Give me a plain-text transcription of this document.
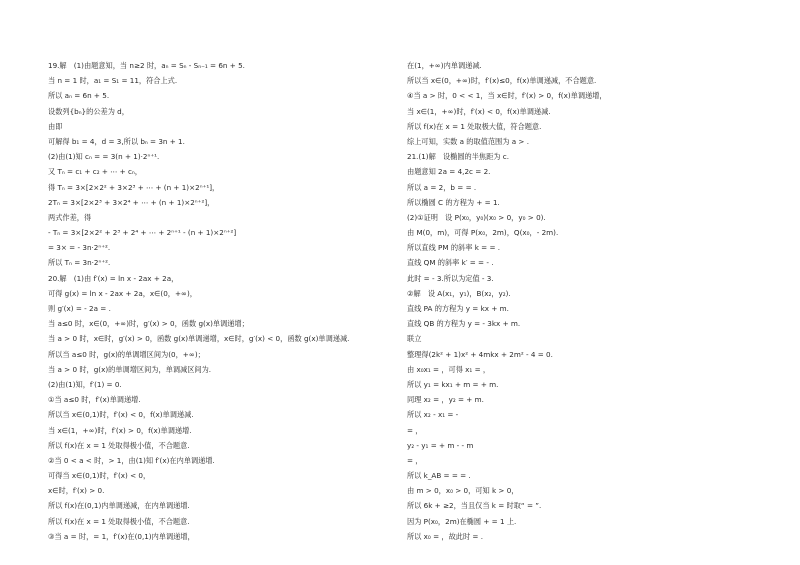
19.解　(1)由题意知，当 n≥2 时，aₙ = Sₙ - Sₙ₋₁ = 6n + 5.
当 n = 1 时，a₁ = S₁ = 11，符合上式.
所以 aₙ = 6n + 5.
设数列{bₙ}的公差为 d，
由即
可解得 b₁ = 4，d = 3,所以 bₙ = 3n + 1.
(2)由(1)知 cₙ = = 3(n + 1)·2ⁿ⁺¹.
又 Tₙ = c₁ + c₂ + ⋯ + cₙ，
得 Tₙ = 3×[2×2² + 3×2³ + ⋯ + (n + 1)×2ⁿ⁺¹]，
2Tₙ = 3×[2×2³ + 3×2⁴ + ⋯ + (n + 1)×2ⁿ⁺²]，
两式作差，得
- Tₙ = 3×[2×2² + 2³ + 2⁴ + ⋯ + 2ⁿ⁺¹ - (n + 1)×2ⁿ⁺²]
= 3× = - 3n·2ⁿ⁺².
所以 Tₙ = 3n·2ⁿ⁺².
20.解　(1)由 f′(x) = ln x - 2ax + 2a，
可得 g(x) = ln x - 2ax + 2a，x∈(0，+∞)，
则 g′(x) = - 2a = .
当 a≤0 时，x∈(0，+∞)时，g′(x) > 0，函数 g(x)单调递增；
当 a > 0 时，x∈时，g′(x) > 0，函数 g(x)单调递增，x∈时，g′(x) < 0，函数 g(x)单调递减.
所以当 a≤0 时，g(x)的单调增区间为(0，+∞)；
当 a > 0 时，g(x)的单调增区间为，单调减区间为.
(2)由(1)知，f′(1) = 0.
①当 a≤0 时，f′(x)单调递增.
所以当 x∈(0,1)时，f′(x) < 0，f(x)单调递减.
当 x∈(1，+∞)时，f′(x) > 0，f(x)单调递增.
所以 f(x)在 x = 1 处取得极小值，不合题意.
②当 0 < a < 时，> 1，由(1)知 f′(x)在内单调递增.
可得当 x∈(0,1)时，f′(x) < 0，
x∈时，f′(x) > 0.
所以 f(x)在(0,1)内单调递减，在内单调递增.
所以 f(x)在 x = 1 处取得极小值，不合题意.
③当 a = 时，= 1，f′(x)在(0,1)内单调递增，
在(1，+∞)内单调递减.
所以当 x∈(0，+∞)时，f′(x)≤0，f(x)单调递减，不合题意.
④当 a > 时，0 < < 1，当 x∈时，f′(x) > 0，f(x)单调递增，
当 x∈(1，+∞)时，f′(x) < 0，f(x)单调递减.
所以 f(x)在 x = 1 处取极大值，符合题意.
综上可知，实数 a 的取值范围为 a > .
21.(1)解　设椭圆的半焦距为 c.
由题意知 2a = 4,2c = 2.
所以 a = 2，b = = .
所以椭圆 C 的方程为 + = 1.
(2)①证明　设 P(x₀，y₀)(x₀ > 0，y₀ > 0).
由 M(0，m)，可得 P(x₀，2m)，Q(x₀，- 2m).
所以直线 PM 的斜率 k = = .
直线 QM 的斜率 k′ = = - .
此时 = - 3.所以为定值 - 3.
②解　设 A(x₁，y₁)，B(x₂，y₂).
直线 PA 的方程为 y = kx + m.
直线 QB 的方程为 y = - 3kx + m.
联立
整理得(2k² + 1)x² + 4mkx + 2m² - 4 = 0.
由 x₀x₁ = ，可得 x₁ = ，
所以 y₁ = kx₁ + m = + m.
同理 x₂ = ，y₂ = + m.
所以 x₂ - x₁ = -
= ，
y₂ - y₁ = + m - - m
= ，
所以 k_AB = = = .
由 m > 0，x₀ > 0，可知 k > 0，
所以 6k + ≥2，当且仅当 k = 时取“ = ”.
因为 P(x₀，2m)在椭圆 + = 1 上.
所以 x₀ = ，故此时 = .
